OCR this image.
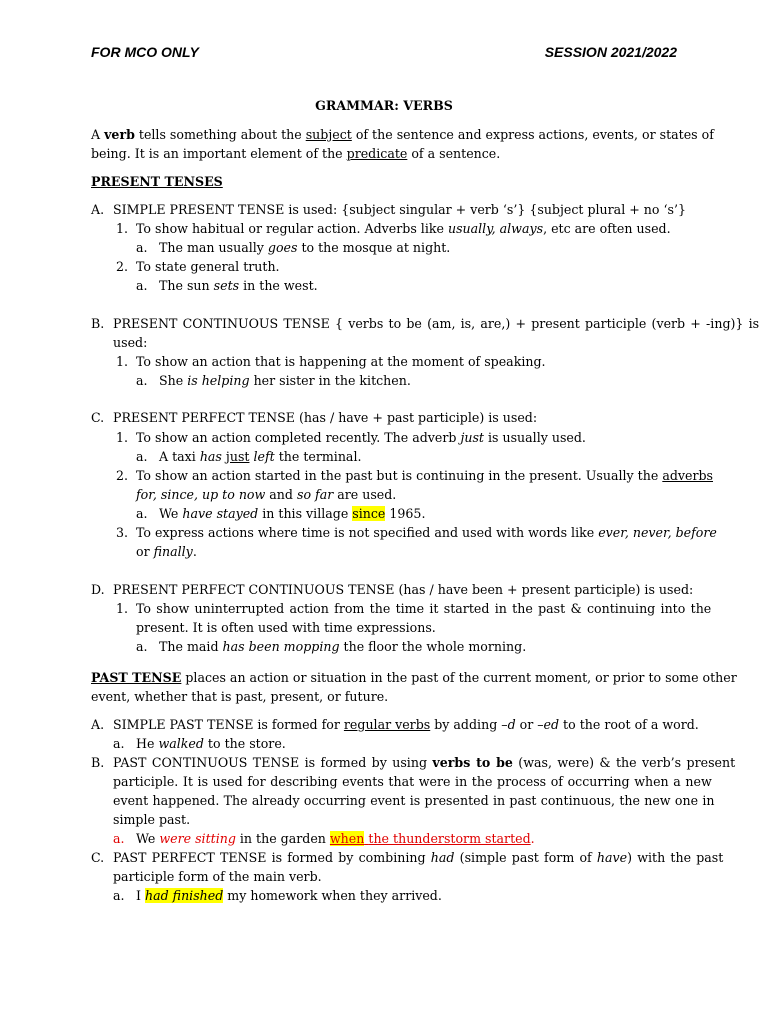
FOR MCO ONLY	SESSION 2021/2022
GRAMMAR: VERBS
A verb tells something about the subject of the sentence and express actions, events, or states of
being. It is an important element of the predicate of a sentence.
PRESENT TENSES
A. SIMPLE PRESENT TENSE is used: {subject singular + verb ‘s’} {subject plural + no ‘s’}
1. To show habitual or regular action. Adverbs like usually, always, etc are often used.
a. The man usually goes to the mosque at night.
2. To state general truth.
a. The sun sets in the west.
B. PRESENT CONTINUOUS TENSE { verbs to be (am, is, are,) + present participle (verb + -ing)} is
used:
1. To show an action that is happening at the moment of speaking.
a. She is helping her sister in the kitchen.
C. PRESENT PERFECT TENSE (has / have + past participle) is used:
1. To show an action completed recently. The adverb just is usually used.
a. A taxi has just left the terminal.
2. To show an action started in the past but is continuing in the present. Usually the adverbs
for, since, up to now and so far are used.
a. We have stayed in this village since 1965.
3. To express actions where time is not specified and used with words like ever, never, before
or finally.
D. PRESENT PERFECT CONTINUOUS TENSE (has / have been + present participle) is used:
1. To show uninterrupted action from the time it started in the past & continuing into the
present. It is often used with time expressions.
a. The maid has been mopping the floor the whole morning.
PAST TENSE places an action or situation in the past of the current moment, or prior to some other
event, whether that is past, present, or future.
A. SIMPLE PAST TENSE is formed for regular verbs by adding –d or –ed to the root of a word.
a. He walked to the store.
B. PAST CONTINUOUS TENSE is formed by using verbs to be (was, were) & the verb’s present
participle. It is used for describing events that were in the process of occurring when a new
event happened. The already occurring event is presented in past continuous, the new one in
simple past.
a. We were sitting in the garden when the thunderstorm started.
C. PAST PERFECT TENSE is formed by combining had (simple past form of have) with the past
participle form of the main verb.
a. I had finished my homework when they arrived.
